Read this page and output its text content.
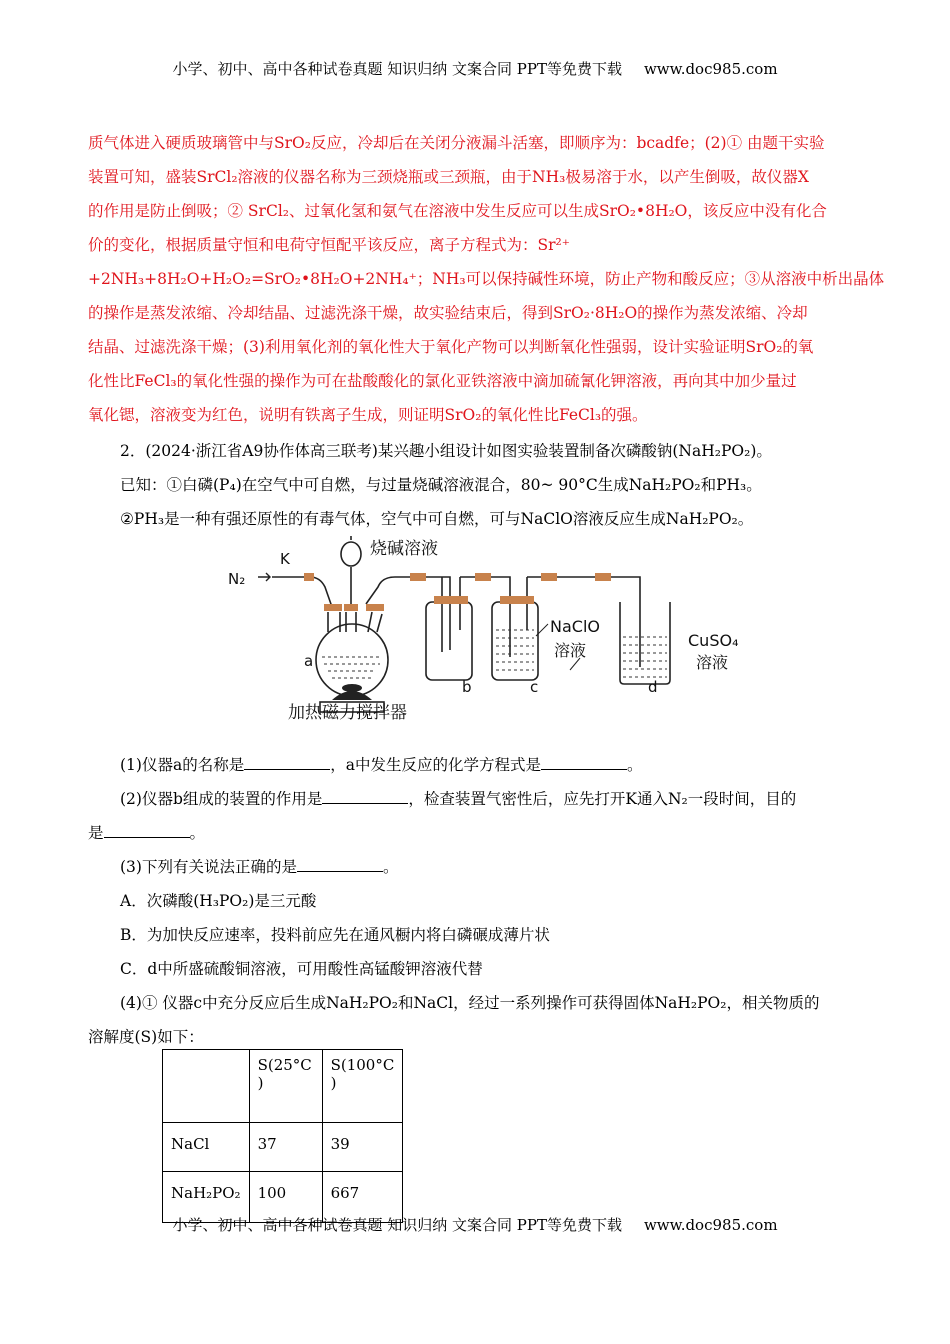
小学、初中、高中各种试卷真题 知识归纳 文案合同 PPT等免费下载 www.doc985.com
质气体进入硬质玻璃管中与SrO₂反应，冷却后在关闭分液漏斗活塞，即顺序为：bcadfe；(2)① 由题干实验
装置可知，盛装SrCl₂溶液的仪器名称为三颈烧瓶或三颈瓶，由于NH₃极易溶于水，以产生倒吸，故仪器X
的作用是防止倒吸；② SrCl₂、过氧化氢和氨气在溶液中发生反应可以生成SrO₂•8H₂O，该反应中没有化合
价的变化，根据质量守恒和电荷守恒配平该反应，离子方程式为：Sr²⁺
+2NH₃+8H₂O+H₂O₂=SrO₂•8H₂O+2NH₄⁺；NH₃可以保持碱性环境，防止产物和酸反应；③从溶液中析出晶体
的操作是蒸发浓缩、冷却结晶、过滤洗涤干燥，故实验结束后，得到SrO₂·8H₂O的操作为蒸发浓缩、冷却
结晶、过滤洗涤干燥；(3)利用氧化剂的氧化性大于氧化产物可以判断氧化性强弱，设计实验证明SrO₂的氧
化性比FeCl₃的氧化性强的操作为可在盐酸酸化的氯化亚铁溶液中滴加硫氰化钾溶液，再向其中加少量过
氧化锶，溶液变为红色，说明有铁离子生成，则证明SrO₂的氧化性比FeCl₃的强。
2．(2024·浙江省A9协作体高三联考)某兴趣小组设计如图实验装置制备次磷酸钠(NaH₂PO₂)。
已知：①白磷(P₄)在空气中可自燃，与过量烧碱溶液混合，80~ 90°C生成NaH₂PO₂和PH₃。
②PH₃是一种有强还原性的有毒气体，空气中可自燃，可与NaClO溶液反应生成NaH₂PO₂。
N₂
K	烧碱溶液
a
b	c	d
NaClO
溶液
CuSO₄
溶液
加热磁力搅拌器
(1)仪器a的名称是	，a中发生反应的化学方程式是	。
(2)仪器b组成的装置的作用是	，检查装置气密性后，应先打开K通入N₂一段时间，目的
是	。
(3)下列有关说法正确的是	。
A．次磷酸(H₃PO₂)是三元酸
B．为加快反应速率，投料前应先在通风橱内将白磷碾成薄片状
C．d中所盛硫酸铜溶液，可用酸性高锰酸钾溶液代替
(4)① 仪器c中充分反应后生成NaH₂PO₂和NaCl，经过一系列操作可获得固体NaH₂PO₂，相关物质的
溶解度(S)如下：
	S(25°C
)	S(100°C
)
NaCl	37	39
NaH₂PO₂	100	667
小学、初中、高中各种试卷真题 知识归纳 文案合同 PPT等免费下载 www.doc985.com
